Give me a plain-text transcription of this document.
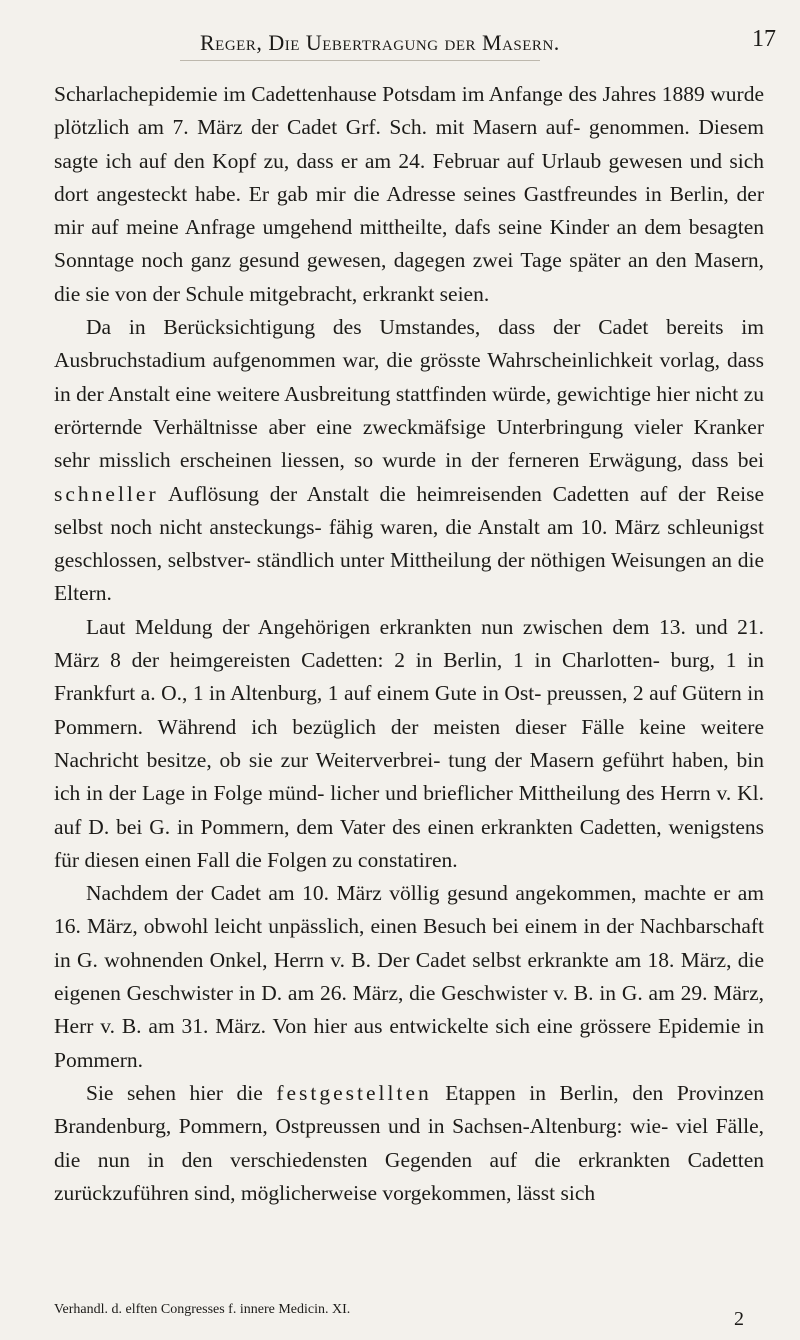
Reger, Die Uebertragung der Masern.	17

Scharlachepidemie im Cadettenhause Potsdam im Anfange des Jahres 1889 wurde plötzlich am 7. März der Cadet Grf. Sch. mit Masern auf- genommen. Diesem sagte ich auf den Kopf zu, dass er am 24. Februar auf Urlaub gewesen und sich dort angesteckt habe. Er gab mir die Adresse seines Gastfreundes in Berlin, der mir auf meine Anfrage umgehend mittheilte, dafs seine Kinder an dem besagten Sonntage noch ganz gesund gewesen, dagegen zwei Tage später an den Masern, die sie von der Schule mitgebracht, erkrankt seien.

Da in Berücksichtigung des Umstandes, dass der Cadet bereits im Ausbruchstadium aufgenommen war, die grösste Wahrscheinlichkeit vorlag, dass in der Anstalt eine weitere Ausbreitung stattfinden würde, gewichtige hier nicht zu erörternde Verhältnisse aber eine zweckmäfsige Unterbringung vieler Kranker sehr misslich erscheinen liessen, so wurde in der ferneren Erwägung, dass bei schneller Auflösung der Anstalt die heimreisenden Cadetten auf der Reise selbst noch nicht ansteckungs- fähig waren, die Anstalt am 10. März schleunigst geschlossen, selbstver- ständlich unter Mittheilung der nöthigen Weisungen an die Eltern.

Laut Meldung der Angehörigen erkrankten nun zwischen dem 13. und 21. März 8 der heimgereisten Cadetten: 2 in Berlin, 1 in Charlotten- burg, 1 in Frankfurt a. O., 1 in Altenburg, 1 auf einem Gute in Ost- preussen, 2 auf Gütern in Pommern. Während ich bezüglich der meisten dieser Fälle keine weitere Nachricht besitze, ob sie zur Weiterverbrei- tung der Masern geführt haben, bin ich in der Lage in Folge münd- licher und brieflicher Mittheilung des Herrn v. Kl. auf D. bei G. in Pommern, dem Vater des einen erkrankten Cadetten, wenigstens für diesen einen Fall die Folgen zu constatiren.

Nachdem der Cadet am 10. März völlig gesund angekommen, machte er am 16. März, obwohl leicht unpässlich, einen Besuch bei einem in der Nachbarschaft in G. wohnenden Onkel, Herrn v. B. Der Cadet selbst erkrankte am 18. März, die eigenen Geschwister in D. am 26. März, die Geschwister v. B. in G. am 29. März, Herr v. B. am 31. März. Von hier aus entwickelte sich eine grössere Epidemie in Pommern.

Sie sehen hier die festgestellten Etappen in Berlin, den Provinzen Brandenburg, Pommern, Ostpreussen und in Sachsen-Altenburg: wie- viel Fälle, die nun in den verschiedensten Gegenden auf die erkrankten Cadetten zurückzuführen sind, möglicherweise vorgekommen, lässt sich

Verhandl. d. elften Congresses f. innere Medicin. XI.	2
